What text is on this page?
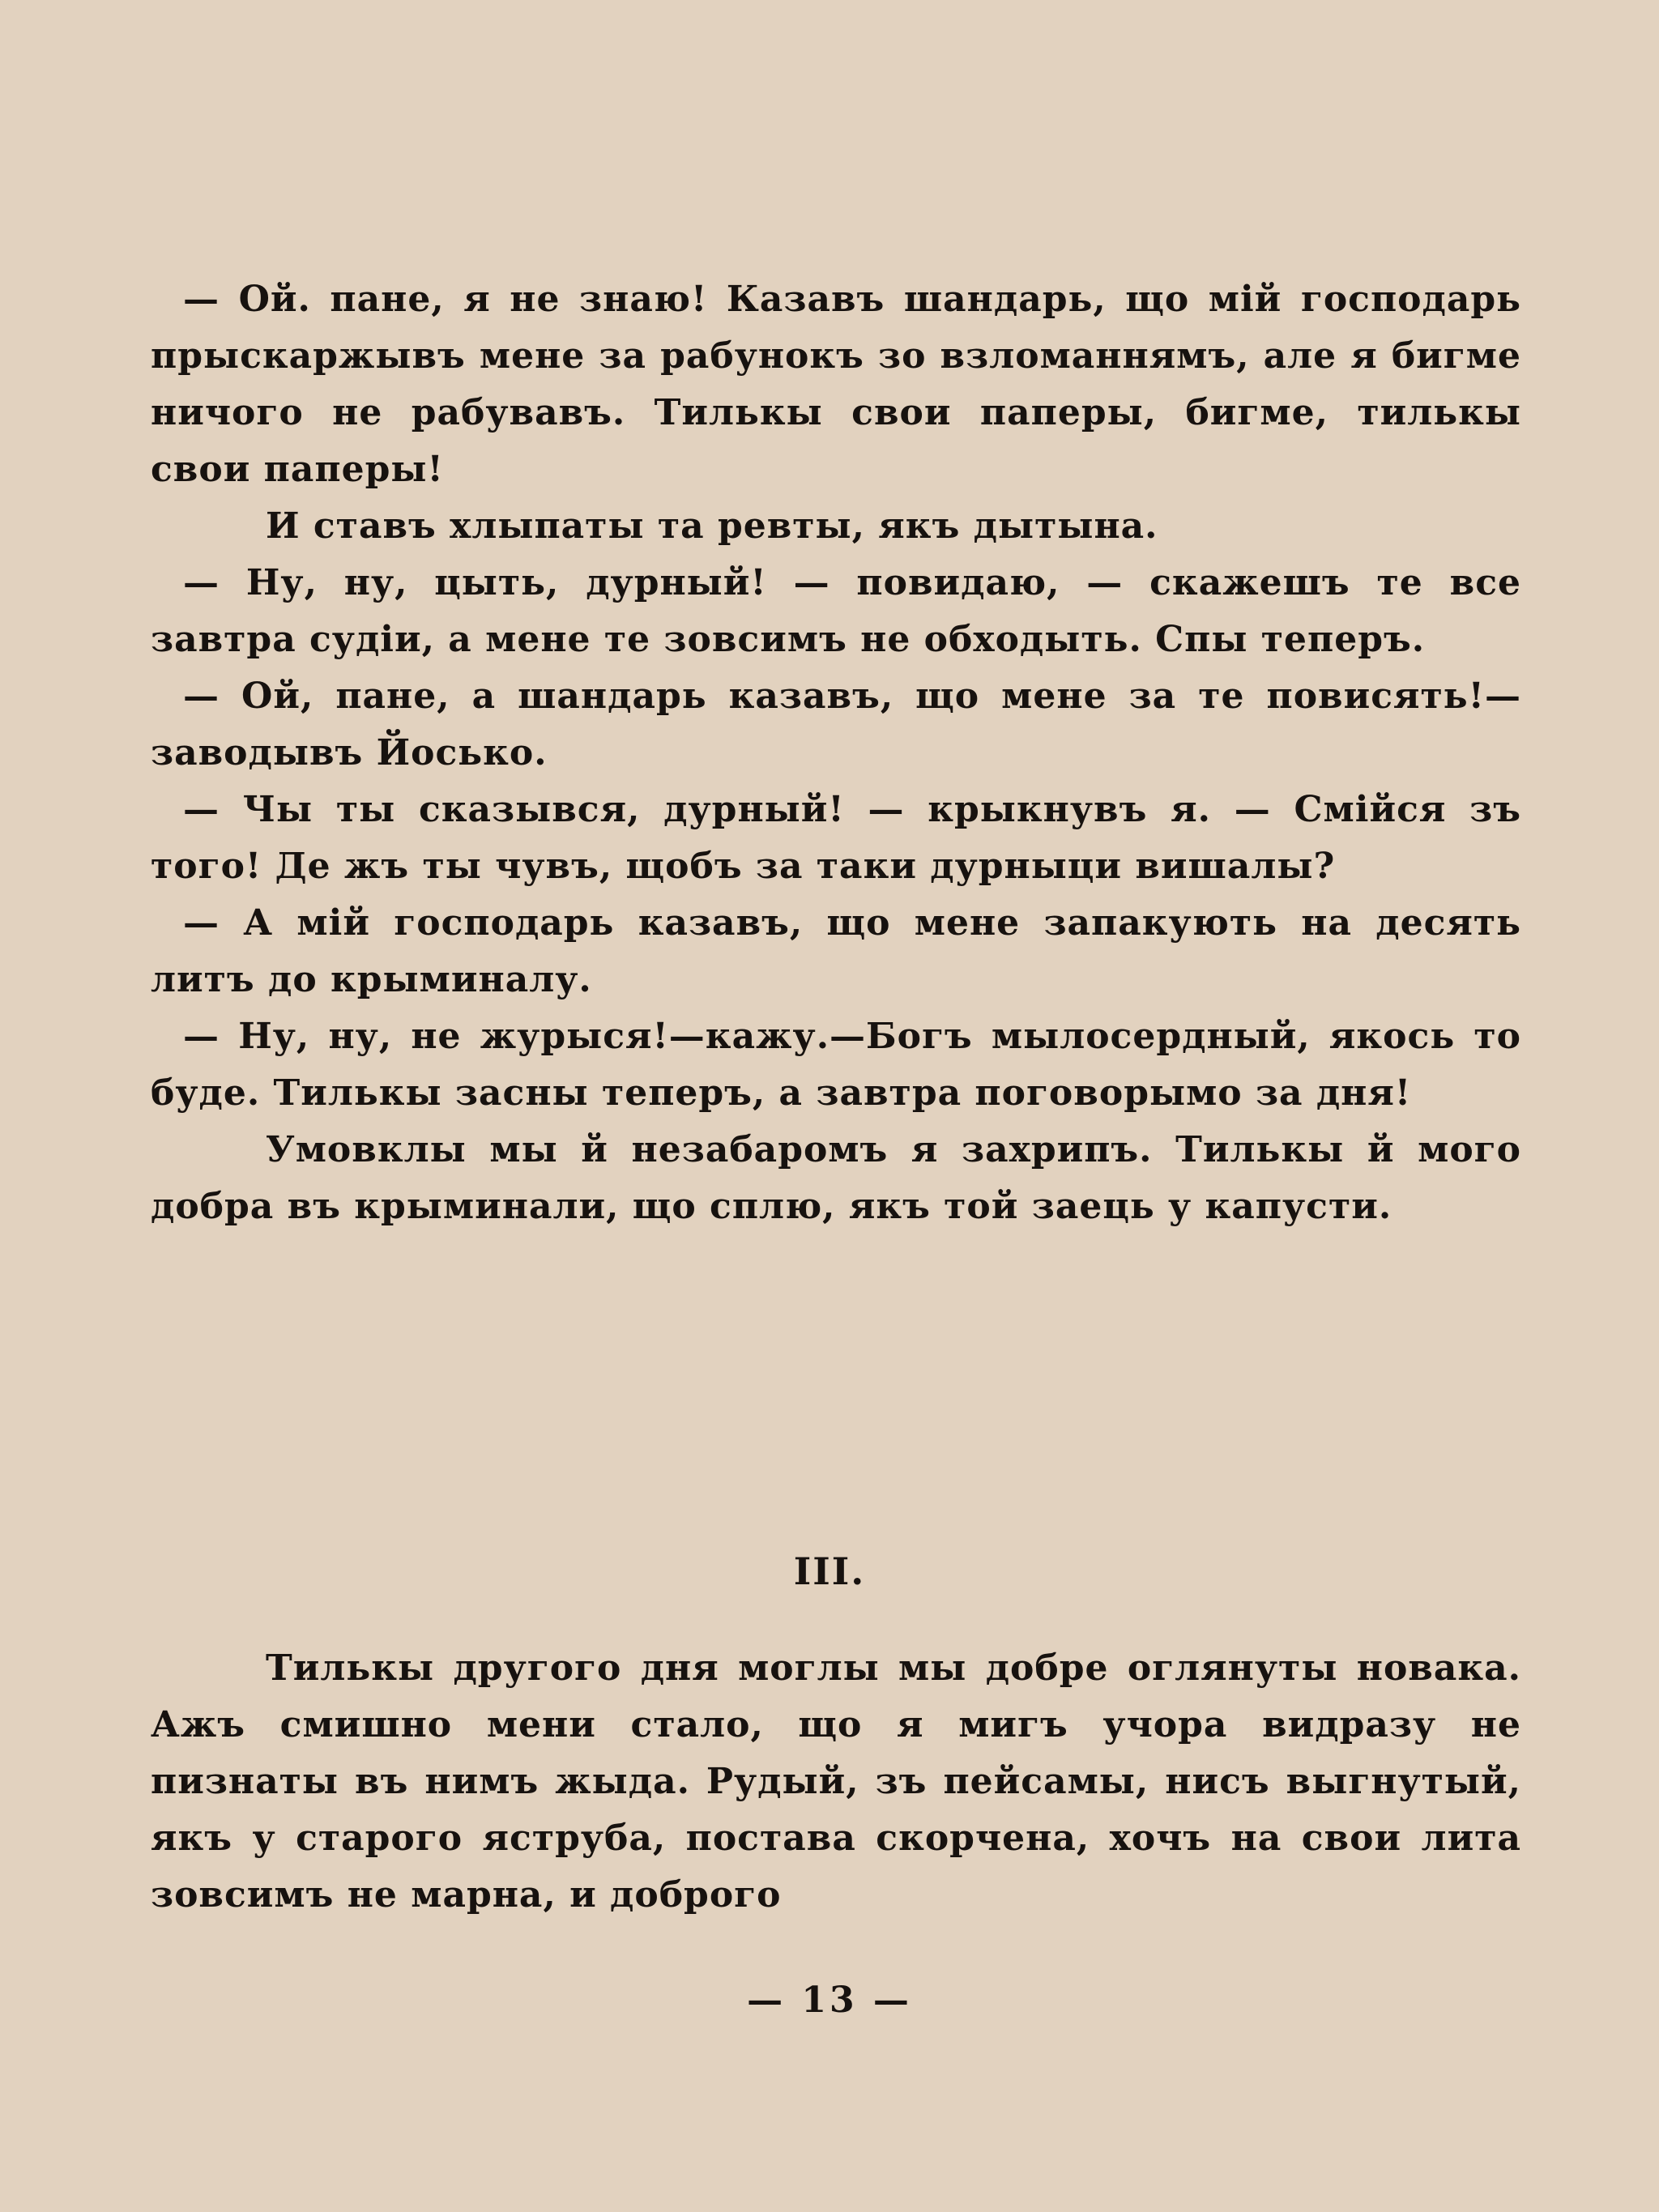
— Ой. пане, я не знаю! Казавъ шандарь, що мій господарь прыскаржывъ мене за рабунокъ зо взломаннямъ, але я бигме ничого не рабувавъ. Тилькы свои паперы, бигме, тилькы свои паперы!

И ставъ хлыпаты та ревты, якъ дытына.

— Ну, ну, цыть, дурный! — повидаю, — скажешъ те все завтра судіи, а мене те зовсимъ не обходыть. Спы теперъ.

— Ой, пане, а шандарь казавъ, що мене за те повисять!—заводывъ Йосько.

— Чы ты сказывся, дурный! — крыкнувъ я. — Смійся зъ того! Де жъ ты чувъ, щобъ за таки дурныци вишалы?

— А мій господарь казавъ, що мене запакують на десять литъ до крыминалу.

— Ну, ну, не журыся!—кажу.—Богъ мылосердный, якось то буде. Тилькы засны теперъ, а завтра поговорымо за дня!

Умовклы мы й незабаромъ я захрипъ. Тилькы й мого добра въ крыминали, що сплю, якъ той заець у капусти.

III.

Тилькы другого дня моглы мы добре оглянуты новака. Ажъ смишно мени стало, що я мигъ учора видразу не пизнаты въ нимъ жыда. Рудый, зъ пейсамы, нисъ выгнутый, якъ у старого яструба, постава скорчена, хочъ на свои лита зовсимъ не марна, и доброго

— 13 —
